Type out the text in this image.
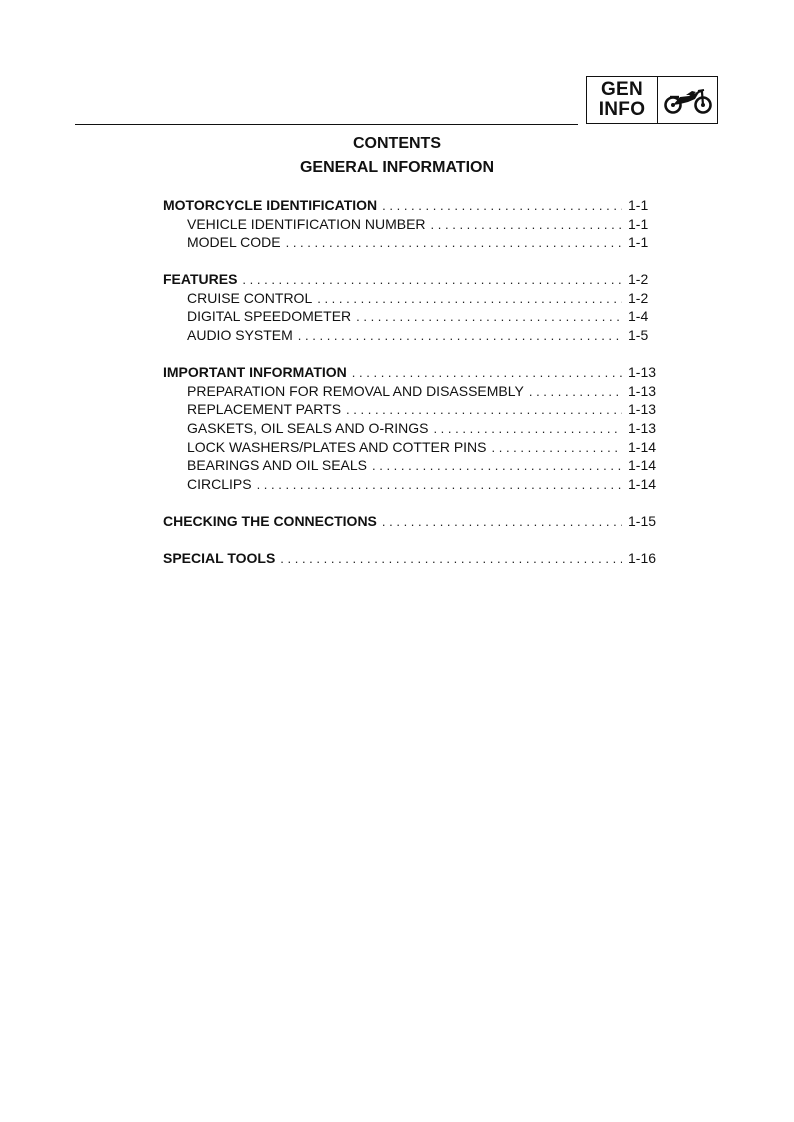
GEN
INFO
CONTENTS
GENERAL INFORMATION
MOTORCYCLE IDENTIFICATION . . .	1-1
VEHICLE IDENTIFICATION NUMBER . . .	1-1
MODEL CODE . . .	1-1
FEATURES . . .	1-2
CRUISE CONTROL . . .	1-2
DIGITAL SPEEDOMETER . . .	1-4
AUDIO SYSTEM . . .	1-5
IMPORTANT INFORMATION . . .	1-13
PREPARATION FOR REMOVAL AND DISASSEMBLY . . .	1-13
REPLACEMENT PARTS . . .	1-13
GASKETS, OIL SEALS AND O-RINGS . . .	1-13
LOCK WASHERS/PLATES AND COTTER PINS . . .	1-14
BEARINGS AND OIL SEALS . . .	1-14
CIRCLIPS . . .	1-14
CHECKING THE CONNECTIONS . . .	1-15
SPECIAL TOOLS . . .	1-16
